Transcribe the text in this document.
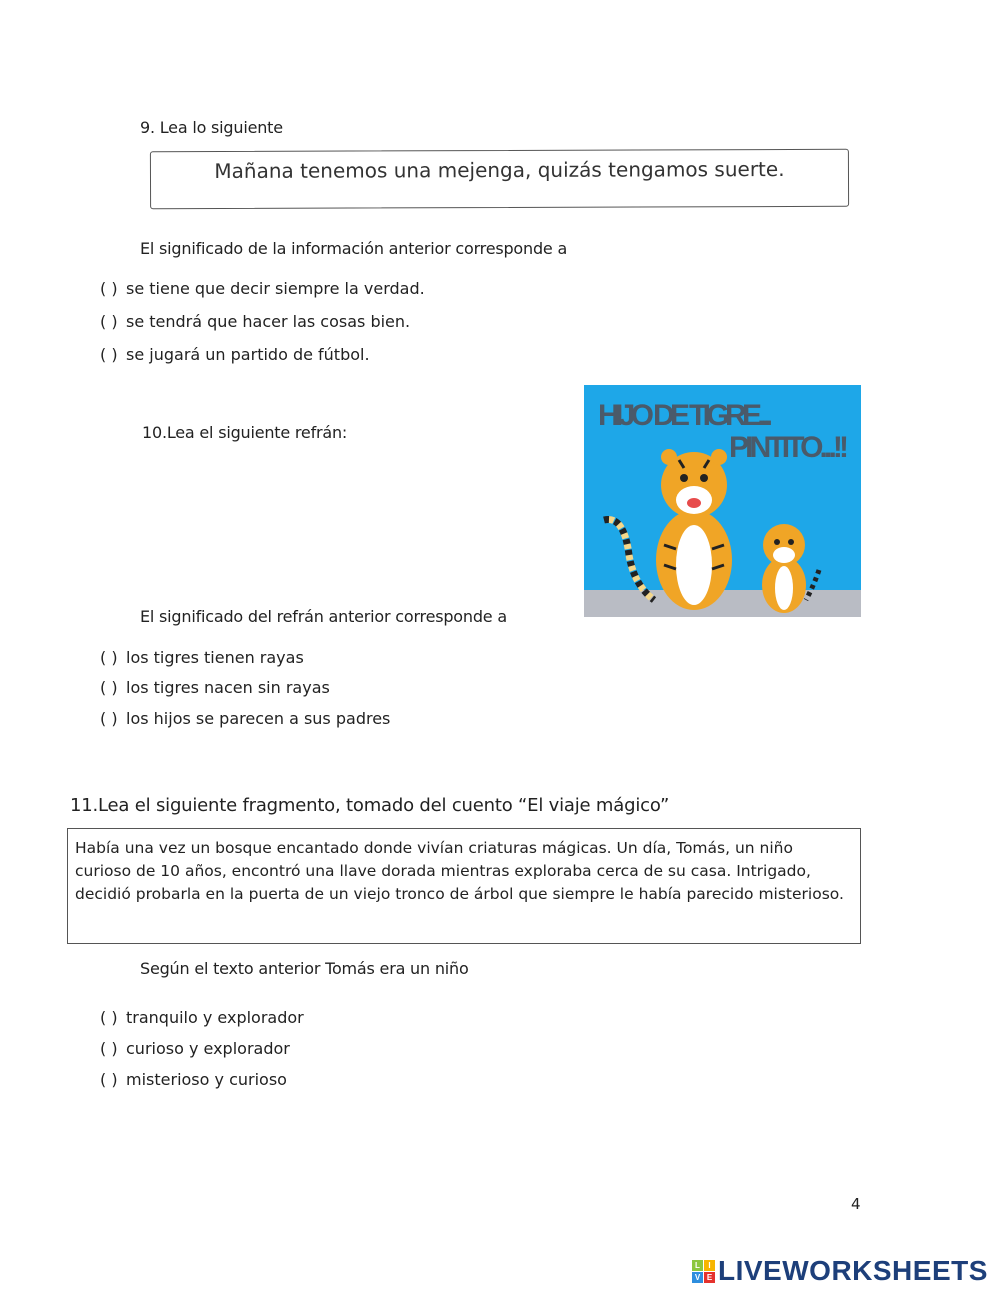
9. Lea lo siguiente
Mañana tenemos una mejenga, quizás tengamos suerte.
El significado de la información anterior corresponde a
( ) se tiene que decir siempre la verdad.
( ) se tendrá que hacer las cosas bien.
( ) se jugará un partido de fútbol.
10.Lea el siguiente refrán:
HIJO DE TIGRE...
PINTITO...!!
El significado del refrán anterior corresponde a
( ) los tigres tienen rayas
( ) los tigres nacen sin rayas
( ) los hijos se parecen a sus padres
11.Lea el siguiente fragmento, tomado del cuento “El viaje mágico”
Había una vez un bosque encantado donde vivían criaturas mágicas. Un día, Tomás, un niño curioso de 10 años, encontró una llave dorada mientras exploraba cerca de su casa. Intrigado, decidió probarla en la puerta de un viejo tronco de árbol que siempre le había parecido misterioso.
Según el texto anterior Tomás era un niño
( ) tranquilo y explorador
( ) curioso y explorador
( ) misterioso y curioso
4
L	I
V E LIVEWORKSHEETS
